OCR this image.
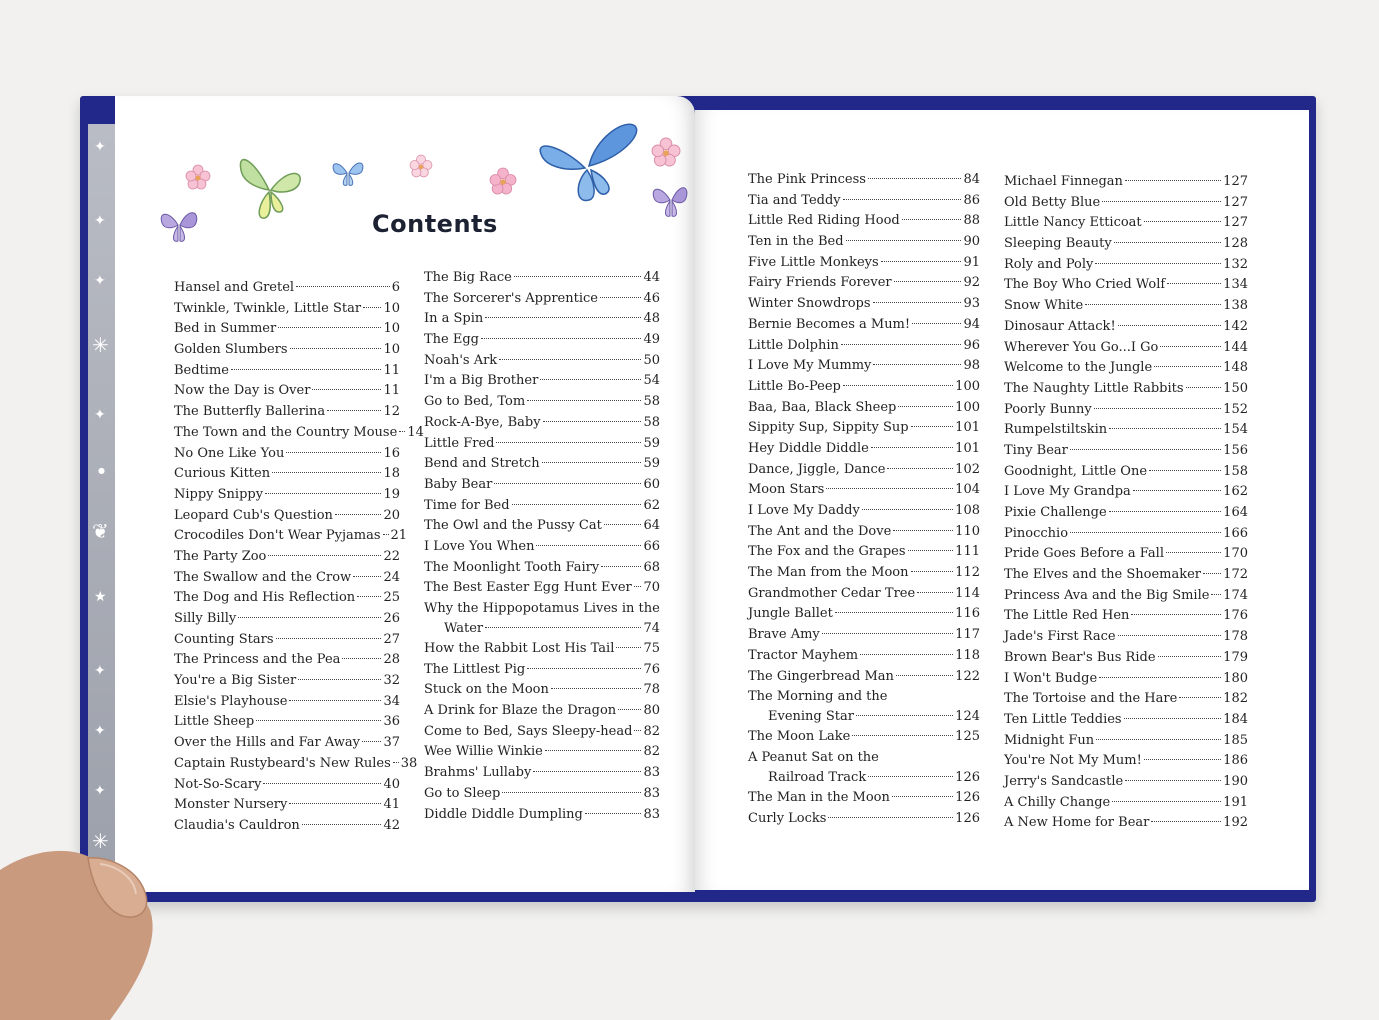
✦
✦
✦
✳
✦
●
❦
★
✦
✦
✦
✳
Contents
Hansel and Gretel	6
Twinkle, Twinkle, Little Star 10
Bed in Summer	10
Golden Slumbers	10
Bedtime	11
Now the Day is Over	11
The Butterfly Ballerina	12
The Town and the Country Mouse 14
No One Like You	16
Curious Kitten	18
Nippy Snippy	19
Leopard Cub's Question	20
Crocodiles Don't Wear Pyjamas 21
The Party Zoo	22
The Swallow and the Crow 24
The Dog and His Reflection 25
Silly Billy	26
Counting Stars	27
The Princess and the Pea	28
You're a Big Sister	32
Elsie's Playhouse	34
Little Sheep	36
Over the Hills and Far Away 37
Captain Rustybeard's New Rules 38
Not-So-Scary	40
Monster Nursery	41
Claudia's Cauldron	42
The Big Race	44
The Sorcerer's Apprentice	46
In a Spin	48
The Egg	49
Noah's Ark	50
I'm a Big Brother	54
Go to Bed, Tom	58
Rock-A-Bye, Baby	58
Little Fred	59
Bend and Stretch	59
Baby Bear	60
Time for Bed	62
The Owl and the Pussy Cat	64
I Love You When	66
The Moonlight Tooth Fairy	68
The Best Easter Egg Hunt Ever 70
Why the Hippopotamus Lives in the
Water	74
How the Rabbit Lost His Tail 75
The Littlest Pig	76
Stuck on the Moon	78
A Drink for Blaze the Dragon 80
Come to Bed, Says Sleepy-head 82
Wee Willie Winkie	82
Brahms' Lullaby	83
Go to Sleep	83
Diddle Diddle Dumpling	83
The Pink Princess	84
Tia and Teddy	86
Little Red Riding Hood	88
Ten in the Bed	90
Five Little Monkeys	91
Fairy Friends Forever	92
Winter Snowdrops	93
Bernie Becomes a Mum!	94
Little Dolphin	96
I Love My Mummy	98
Little Bo-Peep	100
Baa, Baa, Black Sheep	100
Sippity Sup, Sippity Sup	101
Hey Diddle Diddle	101
Dance, Jiggle, Dance	102
Moon Stars	104
I Love My Daddy	108
The Ant and the Dove	110
The Fox and the Grapes	111
The Man from the Moon	112
Grandmother Cedar Tree	114
Jungle Ballet	116
Brave Amy	117
Tractor Mayhem	118
The Gingerbread Man	122
The Morning and the
Evening Star	124
The Moon Lake	125
A Peanut Sat on the
Railroad Track	126
The Man in the Moon	126
Curly Locks	126
Michael Finnegan	127
Old Betty Blue	127
Little Nancy Etticoat	127
Sleeping Beauty	128
Roly and Poly	132
The Boy Who Cried Wolf	134
Snow White	138
Dinosaur Attack!	142
Wherever You Go...I Go	144
Welcome to the Jungle	148
The Naughty Little Rabbits	150
Poorly Bunny	152
Rumpelstiltskin	154
Tiny Bear	156
Goodnight, Little One	158
I Love My Grandpa	162
Pixie Challenge	164
Pinocchio	166
Pride Goes Before a Fall	170
The Elves and the Shoemaker 172
Princess Ava and the Big Smile 174
The Little Red Hen	176
Jade's First Race	178
Brown Bear's Bus Ride	179
I Won't Budge	180
The Tortoise and the Hare	182
Ten Little Teddies	184
Midnight Fun	185
You're Not My Mum!	186
Jerry's Sandcastle	190
A Chilly Change	191
A New Home for Bear	192
